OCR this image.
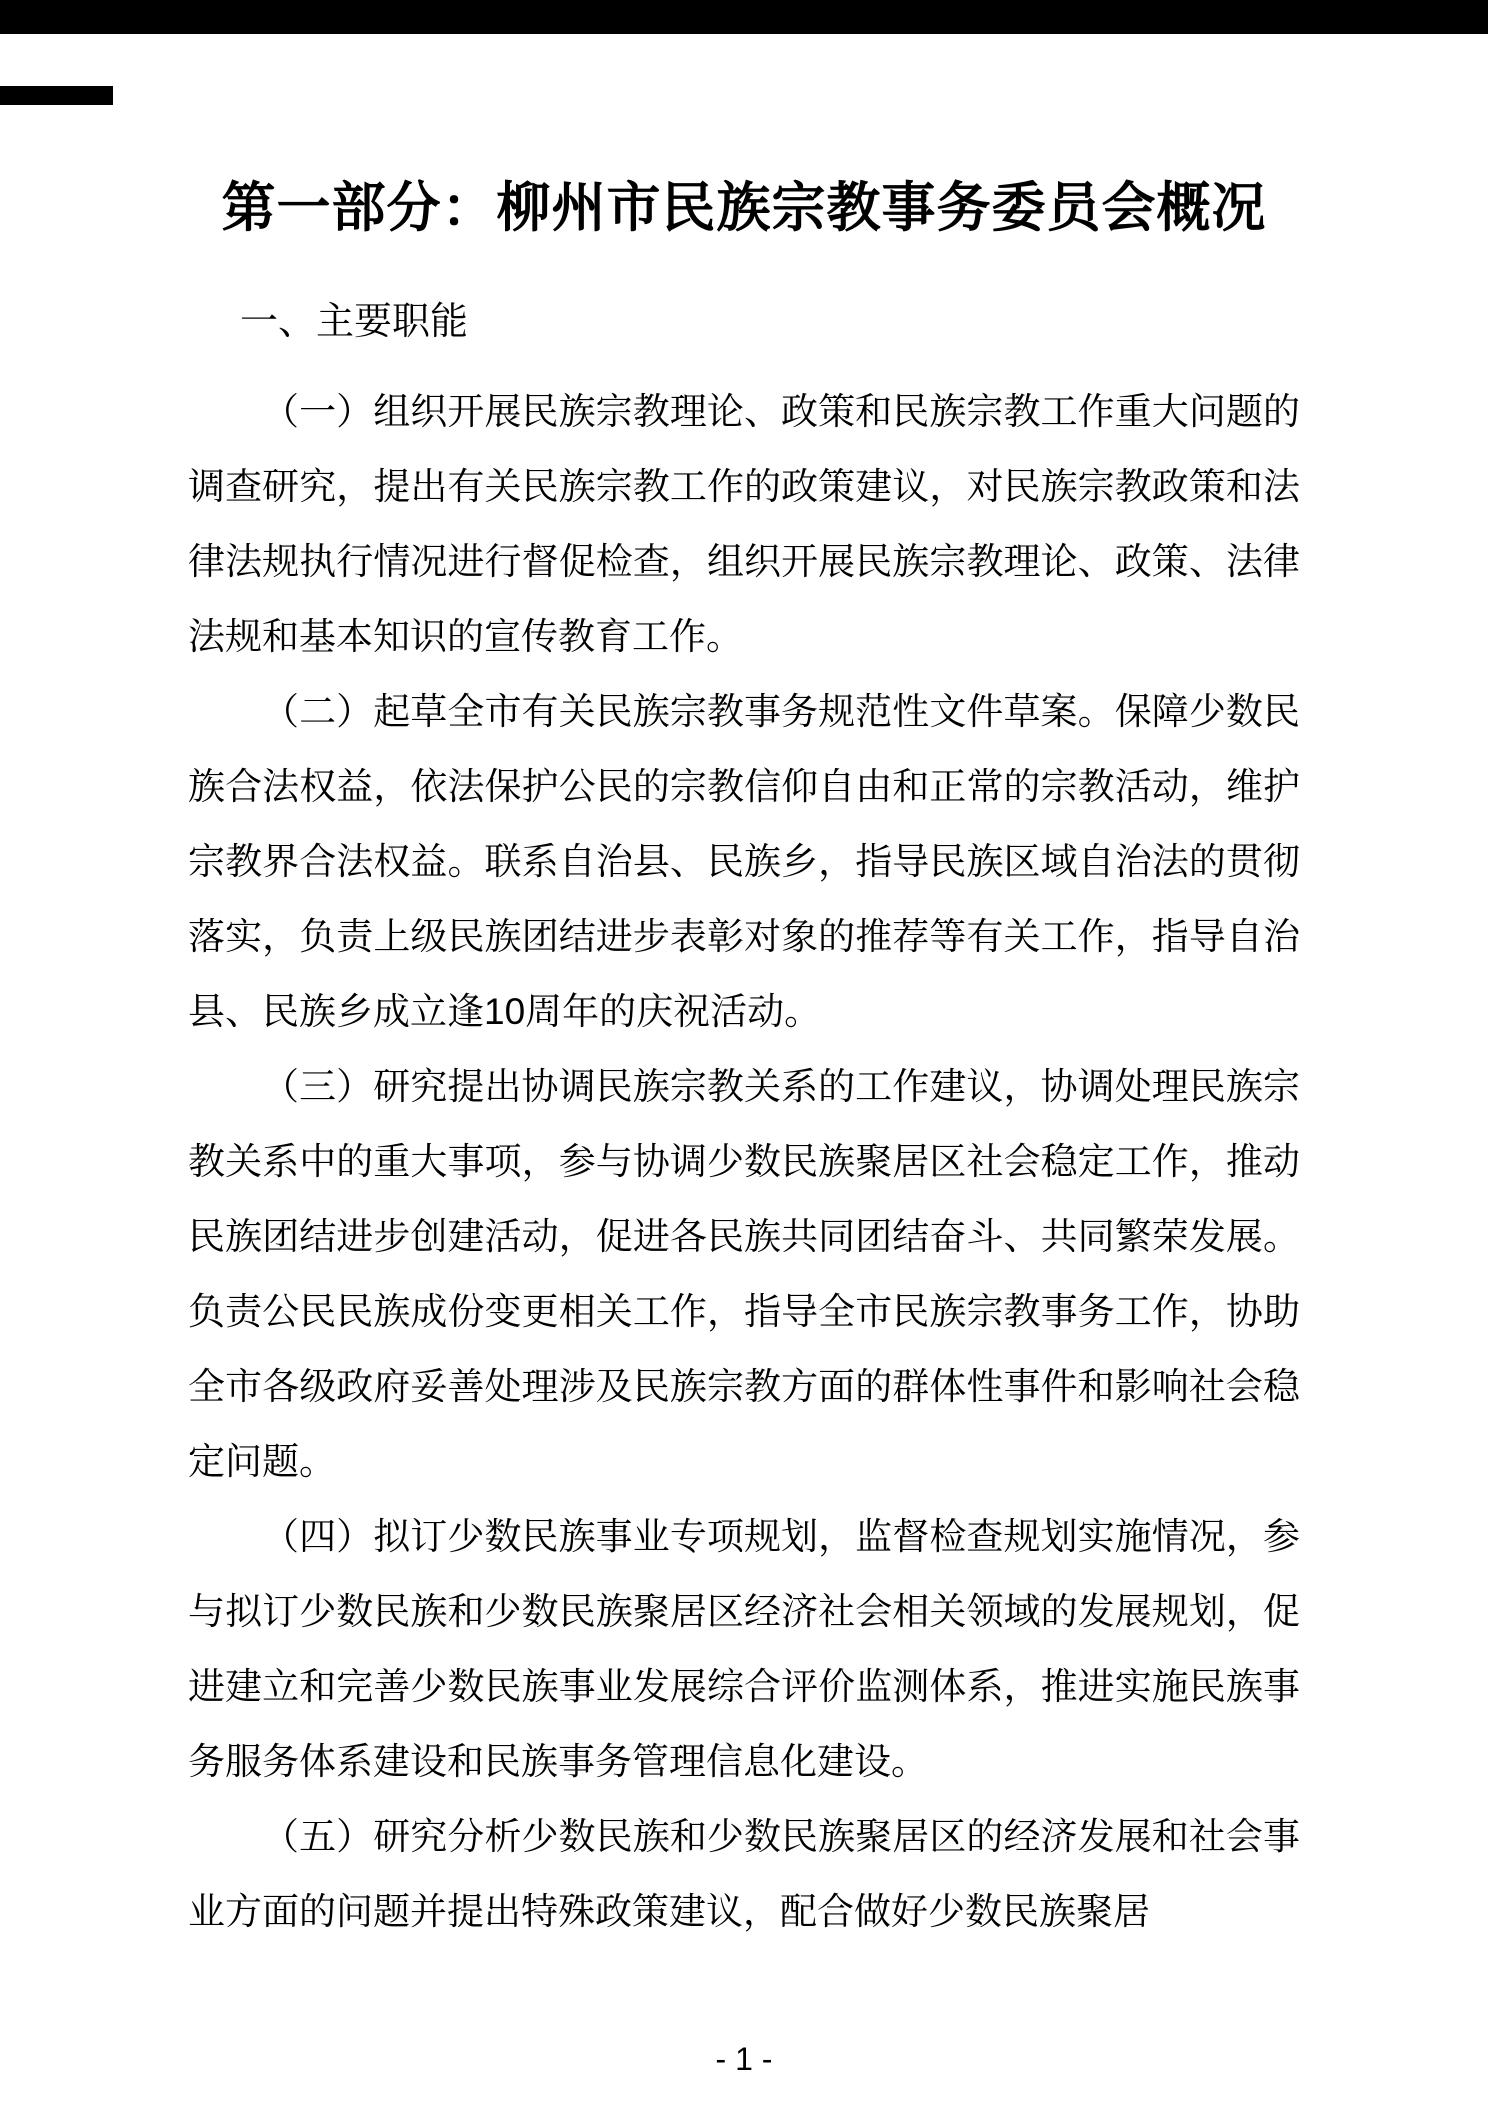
第一部分：柳州市民族宗教事务委员会概况
一、主要职能

（一）组织开展民族宗教理论、政策和民族宗教工作重大问题的调查研究，提出有关民族宗教工作的政策建议，对民族宗教政策和法律法规执行情况进行督促检查，组织开展民族宗教理论、政策、法律法规和基本知识的宣传教育工作。

（二）起草全市有关民族宗教事务规范性文件草案。保障少数民族合法权益，依法保护公民的宗教信仰自由和正常的宗教活动，维护宗教界合法权益。联系自治县、民族乡，指导民族区域自治法的贯彻落实，负责上级民族团结进步表彰对象的推荐等有关工作，指导自治县、民族乡成立逢10周年的庆祝活动。

（三）研究提出协调民族宗教关系的工作建议，协调处理民族宗教关系中的重大事项，参与协调少数民族聚居区社会稳定工作，推动民族团结进步创建活动，促进各民族共同团结奋斗、共同繁荣发展。负责公民民族成份变更相关工作，指导全市民族宗教事务工作，协助全市各级政府妥善处理涉及民族宗教方面的群体性事件和影响社会稳定问题。

（四）拟订少数民族事业专项规划，监督检查规划实施情况，参与拟订少数民族和少数民族聚居区经济社会相关领域的发展规划，促进建立和完善少数民族事业发展综合评价监测体系，推进实施民族事务服务体系建设和民族事务管理信息化建设。

（五）研究分析少数民族和少数民族聚居区的经济发展和社会事业方面的问题并提出特殊政策建议，配合做好少数民族聚居

- 1 -
